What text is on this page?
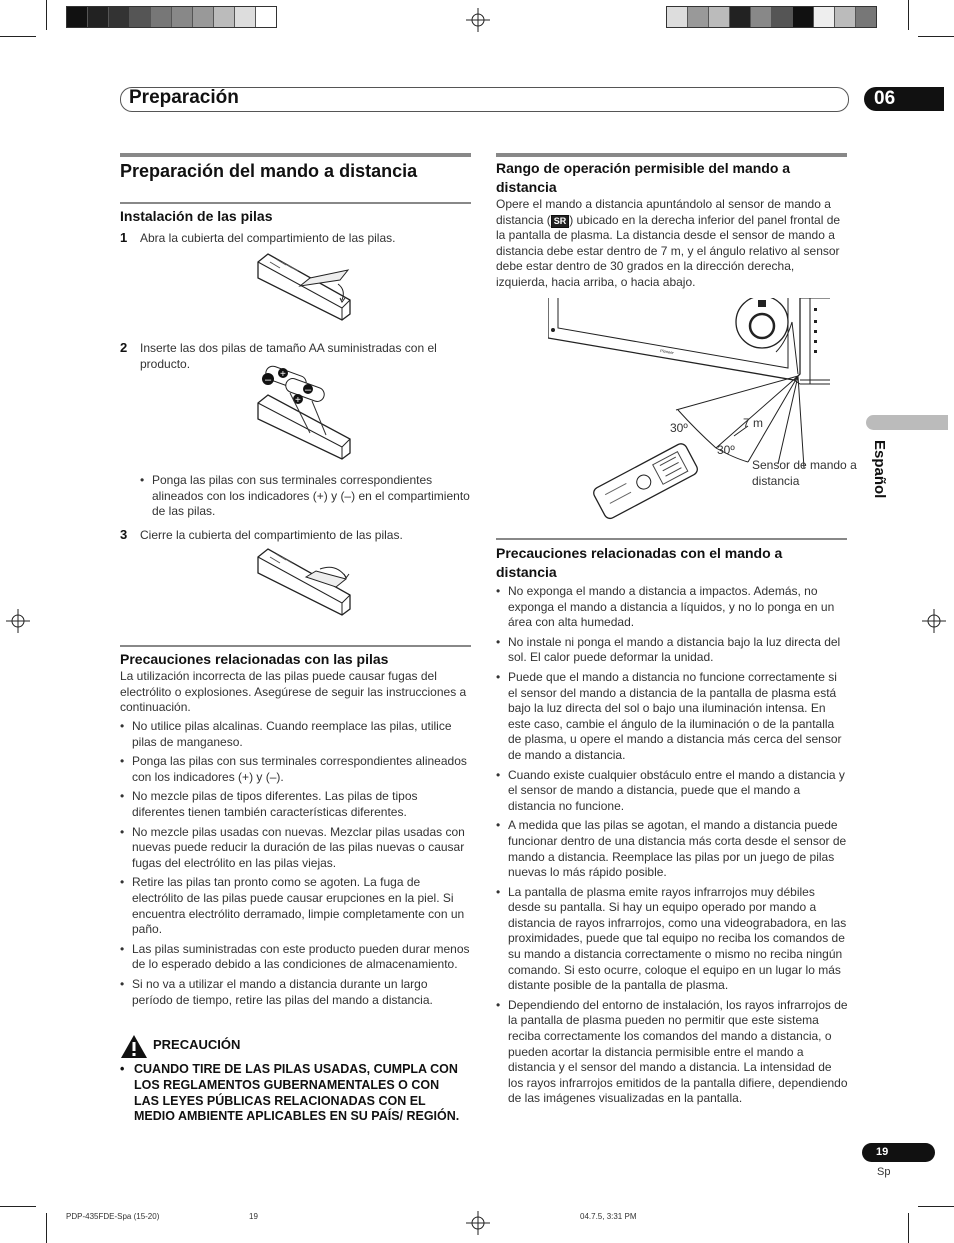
Preparación	06
Preparación del mando a distancia
Instalación de las pilas
1 Abra la cubierta del compartimiento de las pilas.

2 Inserte las dos pilas de tamaño AA suministradas con el producto.

– +
+
–
• Ponga las pilas con sus terminales correspondientes alineados con los indicadores (+) y (–) en el compartimiento de las pilas.
3 Cierre la cubierta del compartimiento de las pilas.

Precauciones relacionadas con las pilas

La utilización incorrecta de las pilas puede causar fugas del electrólito o explosiones. Asegúrese de seguir las instrucciones a continuación.

• No utilice pilas alcalinas. Cuando reemplace las pilas, utilice pilas de manganeso.
• Ponga las pilas con sus terminales correspondientes alineados con los indicadores (+) y (–).
• No mezcle pilas de tipos diferentes. Las pilas de tipos diferentes tienen también características diferentes.
• No mezcle pilas usadas con nuevas. Mezclar pilas usadas con nuevas puede reducir la duración de las pilas nuevas o causar fugas del electrólito en las pilas viejas.
• Retire las pilas tan pronto como se agoten. La fuga de electrólito de las pilas puede causar erupciones en la piel. Si encuentra electrólito derramado, limpie completamente con un paño.
• Las pilas suministradas con este producto pueden durar menos de lo esperado debido a las condiciones de almacenamiento.
• Si no va a utilizar el mando a distancia durante un largo período de tiempo, retire las pilas del mando a distancia.
PRECAUCIÓN
• CUANDO TIRE DE LAS PILAS USADAS, CUMPLA CON LOS REGLAMENTOS GUBERNAMENTALES O CON LAS LEYES PÚBLICAS RELACIONADAS CON EL MEDIO AMBIENTE APLICABLES EN SU PAÍS/ REGIÓN.
Rango de operación permisible del mando a distancia

Opere el mando a distancia apuntándolo al sensor de mando a distancia ( SR ) ubicado en la derecha inferior del panel frontal de la pantalla de plasma. La distancia desde el sensor de mando a distancia debe estar dentro de 7 m, y el ángulo relativo al sensor debe estar dentro de 30 grados en la dirección derecha, izquierda, hacia arriba, o hacia abajo.

Pioneer
30º	7 m
30º
Sensor de mando a distancia
Precauciones relacionadas con el mando a distancia
• No exponga el mando a distancia a impactos. Además, no exponga el mando a distancia a líquidos, y no lo ponga en un área con alta humedad.
• No instale ni ponga el mando a distancia bajo la luz directa del sol. El calor puede deformar la unidad.
• Puede que el mando a distancia no funcione correctamente si el sensor del mando a distancia de la pantalla de plasma está bajo la luz directa del sol o bajo una iluminación intensa. En este caso, cambie el ángulo de la iluminación o de la pantalla de plasma, u opere el mando a distancia más cerca del sensor de mando a distancia.
• Cuando existe cualquier obstáculo entre el mando a distancia y el sensor de mando a distancia, puede que el mando a distancia no funcione.
• A medida que las pilas se agotan, el mando a distancia puede funcionar dentro de una distancia más corta desde el sensor de mando a distancia. Reemplace las pilas por un juego de pilas nuevas lo más rápido posible.
• La pantalla de plasma emite rayos infrarrojos muy débiles desde su pantalla. Si hay un equipo operado por mando a distancia de rayos infrarrojos, como una videograbadora, en las proximidades, puede que tal equipo no reciba los comandos de su mando a distancia correctamente o mismo no reciba ningún comando. Si esto ocurre, coloque el equipo en un lugar lo más distante posible de la pantalla de plasma.
• Dependiendo del entorno de instalación, los rayos infrarrojos de la pantalla de plasma pueden no permitir que este sistema reciba correctamente los comandos del mando a distancia, o pueden acortar la distancia permisible entre el mando a distancia y el sensor del mando a distancia. La intensidad de los rayos infrarrojos emitidos de la pantalla difiere, dependiendo de las imágenes visualizadas en la pantalla.
Español
19
Sp
PDP-435FDE-Spa (15-20)	19	04.7.5, 3:31 PM
